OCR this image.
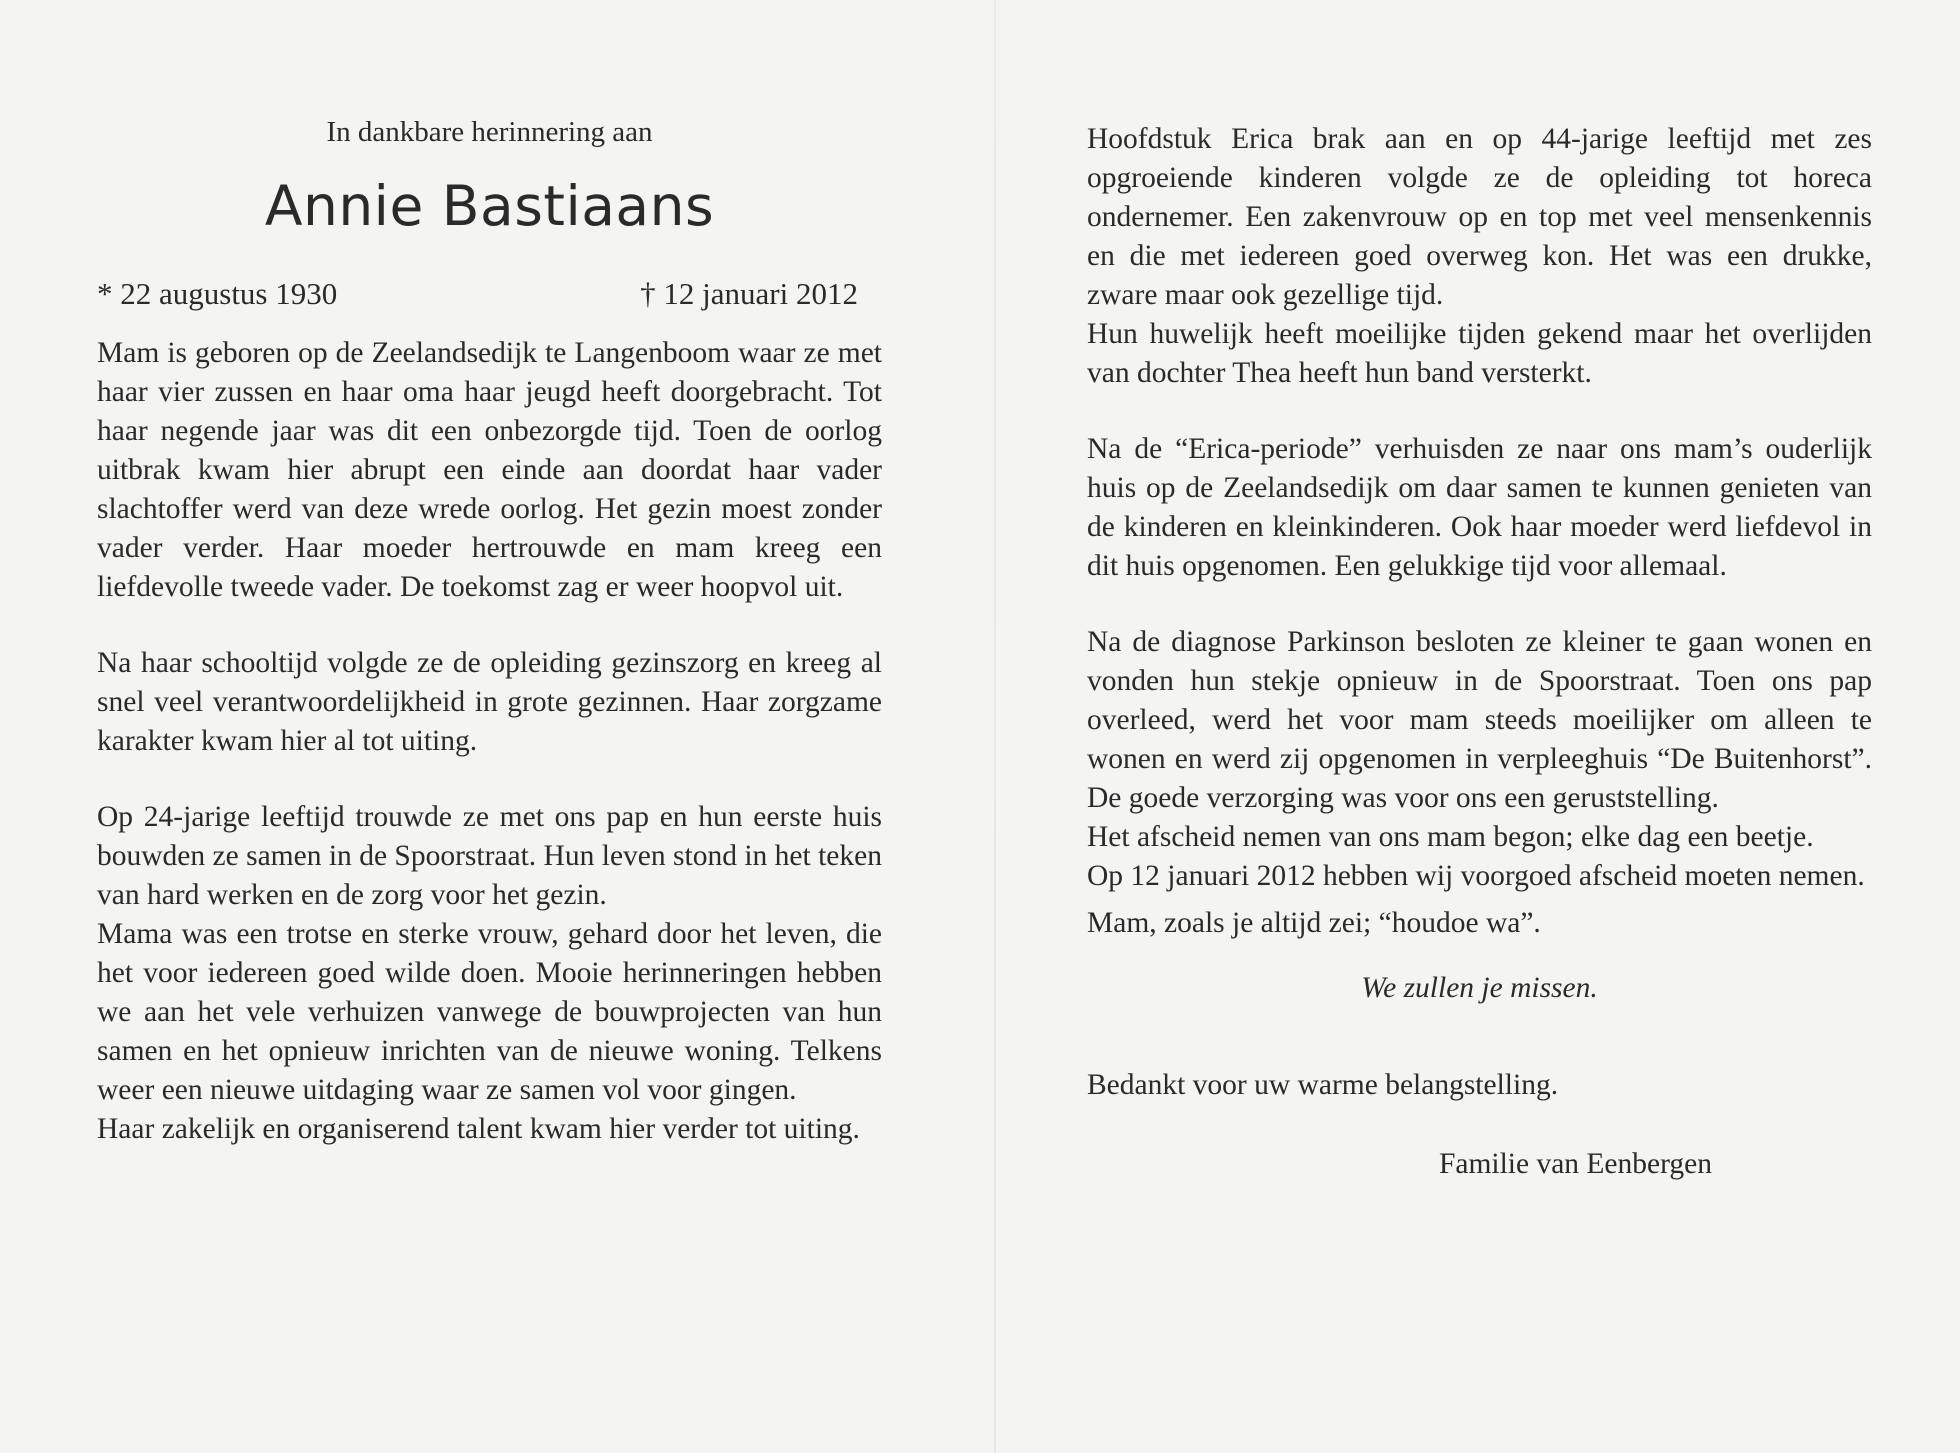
In dankbare herinnering aan
Annie Bastiaans
* 22 augustus 1930	† 12 januari 2012

Mam is geboren op de Zeelandsedijk te Langenboom waar ze met haar vier zussen en haar oma haar jeugd heeft doorgebracht. Tot haar negende jaar was dit een onbezorgde tijd. Toen de oorlog uitbrak kwam hier abrupt een einde aan doordat haar vader slachtoffer werd van deze wrede oorlog. Het gezin moest zonder vader verder. Haar moeder hertrouwde en mam kreeg een liefdevolle tweede vader. De toekomst zag er weer hoopvol uit.

Na haar schooltijd volgde ze de opleiding gezinszorg en kreeg al snel veel verantwoordelijkheid in grote gezinnen. Haar zorgzame karakter kwam hier al tot uiting.

Op 24-jarige leeftijd trouwde ze met ons pap en hun eerste huis bouwden ze samen in de Spoorstraat. Hun leven stond in het teken van hard werken en de zorg voor het gezin.

Mama was een trotse en sterke vrouw, gehard door het leven, die het voor iedereen goed wilde doen. Mooie herinneringen hebben we aan het vele verhuizen vanwege de bouwprojecten van hun samen en het opnieuw inrichten van de nieuwe woning. Telkens weer een nieuwe uitdaging waar ze samen vol voor gingen.

Haar zakelijk en organiserend talent kwam hier verder tot uiting.

Hoofdstuk Erica brak aan en op 44-jarige leeftijd met zes opgroeiende kinderen volgde ze de opleiding tot horeca ondernemer. Een zakenvrouw op en top met veel mensenkennis en die met iedereen goed overweg kon. Het was een drukke, zware maar ook gezellige tijd.

Hun huwelijk heeft moeilijke tijden gekend maar het overlijden van dochter Thea heeft hun band versterkt.

Na de “Erica-periode” verhuisden ze naar ons mam’s ouderlijk huis op de Zeelandsedijk om daar samen te kunnen genieten van de kinderen en kleinkinderen. Ook haar moeder werd liefdevol in dit huis opgenomen. Een gelukkige tijd voor allemaal.

Na de diagnose Parkinson besloten ze kleiner te gaan wonen en vonden hun stekje opnieuw in de Spoorstraat. Toen ons pap overleed, werd het voor mam steeds moeilijker om alleen te wonen en werd zij opgenomen in verpleeghuis “De Buitenhorst”. De goede verzorging was voor ons een geruststelling.

Het afscheid nemen van ons mam begon; elke dag een beetje.

Op 12 januari 2012 hebben wij voorgoed afscheid moeten nemen.

Mam, zoals je altijd zei; “houdoe wa”.

We zullen je missen.

Bedankt voor uw warme belangstelling.

Familie van Eenbergen
